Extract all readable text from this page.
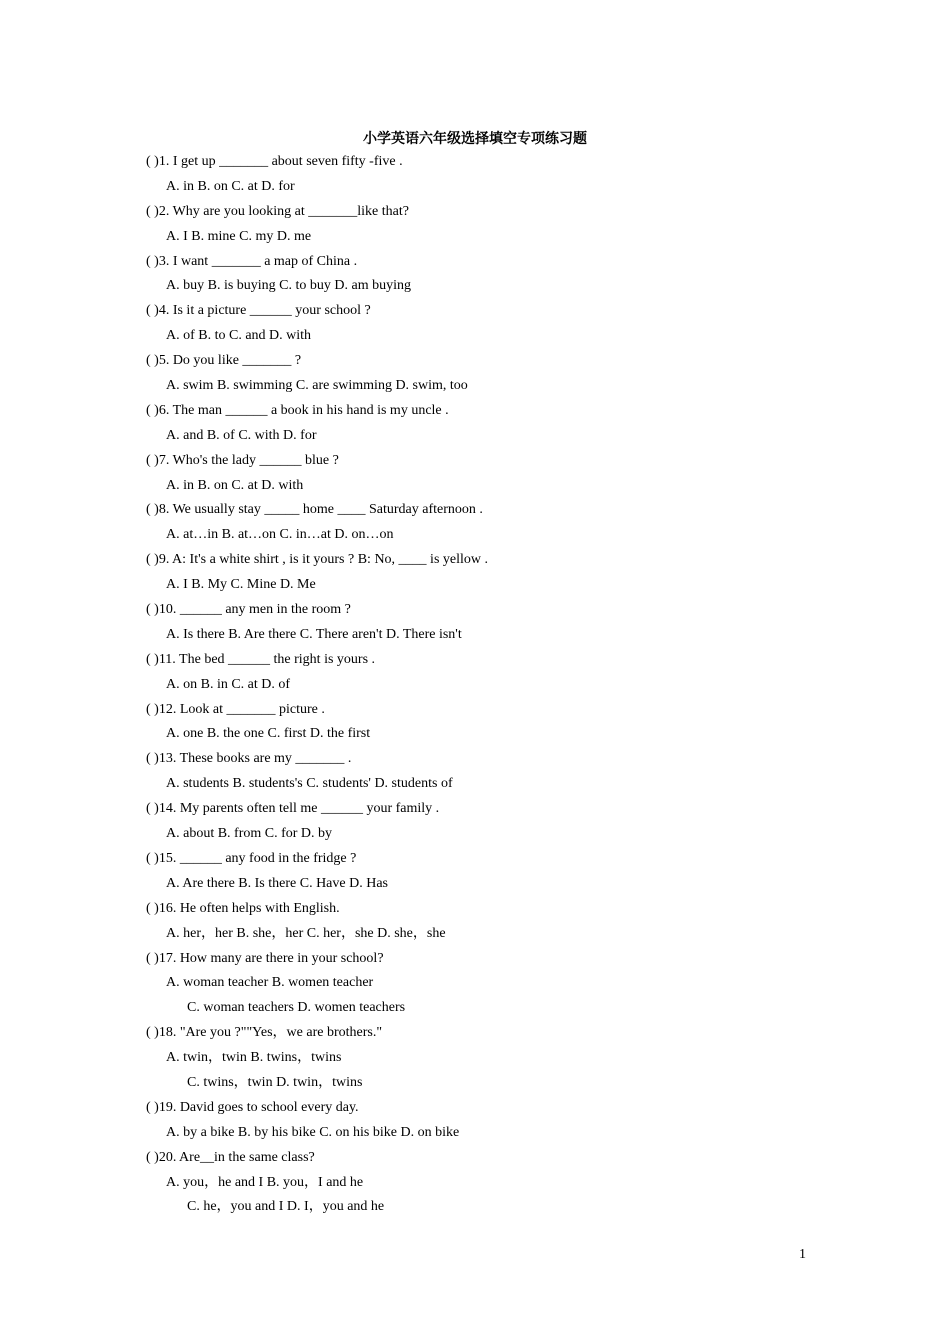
小学英语六年级选择填空专项练习题
( )1. I get up _______ about seven fifty -five .
A. in B. on C. at D. for
( )2. Why are you looking at _______like that?
A. I B. mine C. my D. me
( )3. I want _______ a map of China .
A. buy B. is buying C. to buy D. am buying
( )4. Is it a picture ______ your school ?
A. of B. to C. and D. with
( )5. Do you like _______ ?
A. swim B. swimming C. are swimming D. swim, too
( )6. The man ______ a book in his hand is my uncle .
A. and B. of C. with D. for
( )7. Who's the lady ______ blue ?
A. in B. on C. at D. with
( )8. We usually stay _____ home ____ Saturday afternoon .
A. at…in B. at…on C. in…at D. on…on
( )9. A: It's a white shirt , is it yours ? B: No, ____ is yellow .
A. I B. My C. Mine D. Me
( )10. ______ any men in the room ?
A. Is there B. Are there C. There aren't D. There isn't
( )11. The bed ______ the right is yours .
A. on B. in C. at D. of
( )12. Look at _______ picture .
A. one B. the one C. first D. the first
( )13. These books are my _______ .
A. students B. students's C. students' D. students of
( )14. My parents often tell me ______ your family .
A. about B. from C. for D. by
( )15. ______ any food in the fridge ?
A. Are there B. Is there C. Have D. Has
( )16. He often helps with English.
A. her，her B. she，her C. her，she D. she，she
( )17. How many are there in your school?
A. woman teacher B. women teacher
C. woman teachers D. women teachers
( )18. "Are you ?""Yes，we are brothers."
A. twin，twin B. twins，twins
C. twins，twin D. twin，twins
( )19. David goes to school every day.
A. by a bike B. by his bike C. on his bike D. on bike
( )20. Are__in the same class?
A. you，he and I B. you，I and he
C. he，you and I D. I，you and he
1
